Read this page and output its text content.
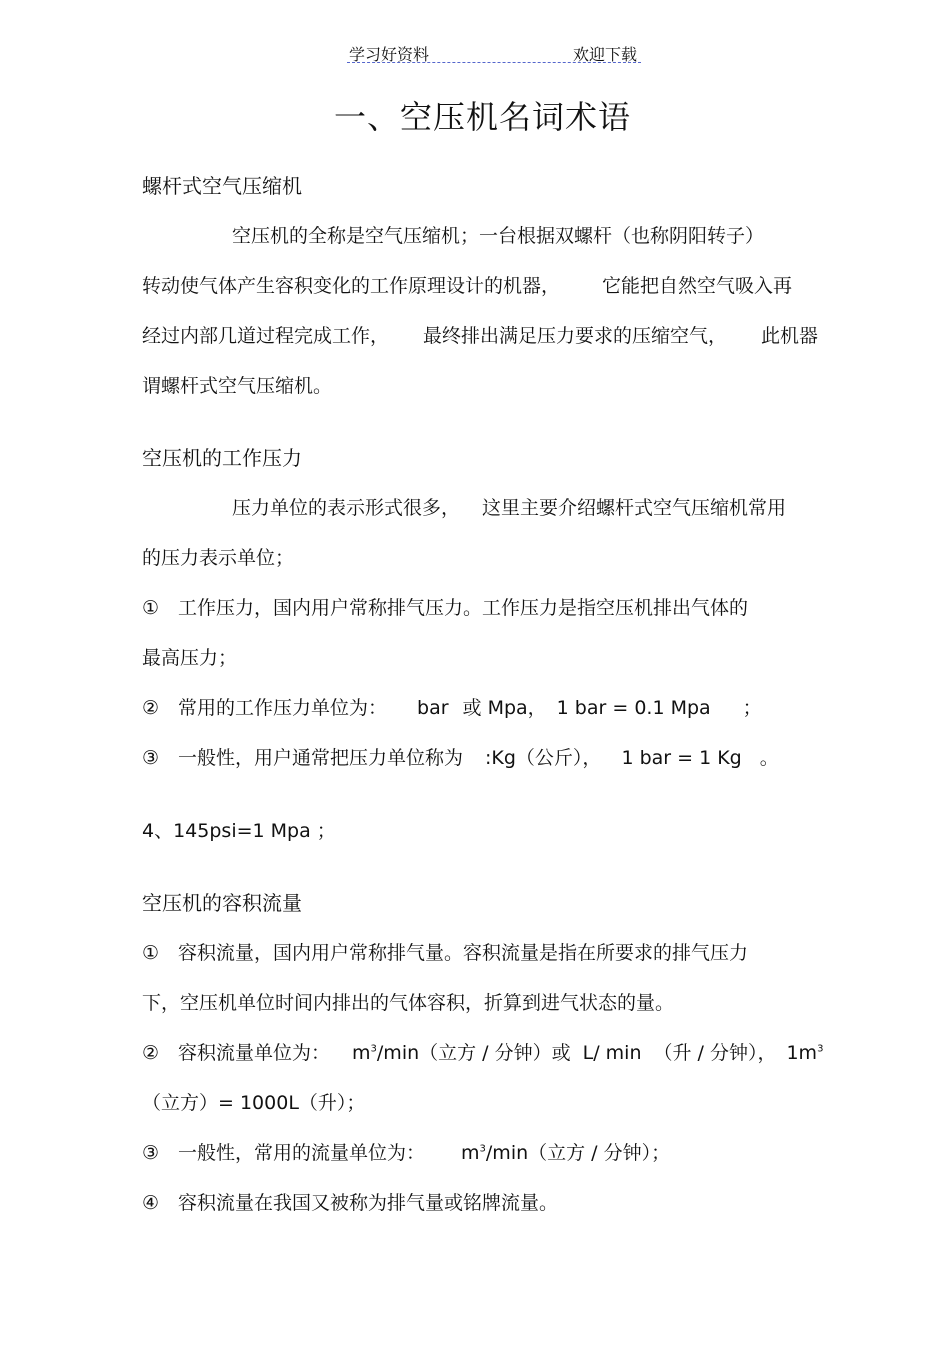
学习好资料	欢迎下载
一、空压机名词术语
螺杆式空气压缩机
空压机的全称是空气压缩机；一台根据双螺杆（也称阴阳转子）
转动使气体产生容积变化的工作原理设计的机器， 它能把自然空气吸入再
经过内部几道过程完成工作， 最终排出满足压力要求的压缩空气， 此机器
谓螺杆式空气压缩机。
空压机的工作压力
压力单位的表示形式很多， 这里主要介绍螺杆式空气压缩机常用
的压力表示单位；
① 工作压力，国内用户常称排气压力。工作压力是指空压机排出气体的
最高压力；
② 常用的工作压力单位为： bar 或 Mpa， 1 bar = 0.1 Mpa ；
③ 一般性，用户通常把压力单位称为 :Kg（公斤）， 1 bar = 1 Kg 。
4、145psi=1 Mpa ；
空压机的容积流量
① 容积流量，国内用户常称排气量。容积流量是指在所要求的排气压力
下，空压机单位时间内排出的气体容积，折算到进气状态的量。
② 容积流量单位为： $m^3/\min$（立方 / 分钟）或 L/ min （升 / 分钟）， $1m^3$
（立方）= 1000L（升）；
③ 一般性，常用的流量单位为： $m^3/\min$（立方 / 分钟）；
④ 容积流量在我国又被称为排气量或铭牌流量。
